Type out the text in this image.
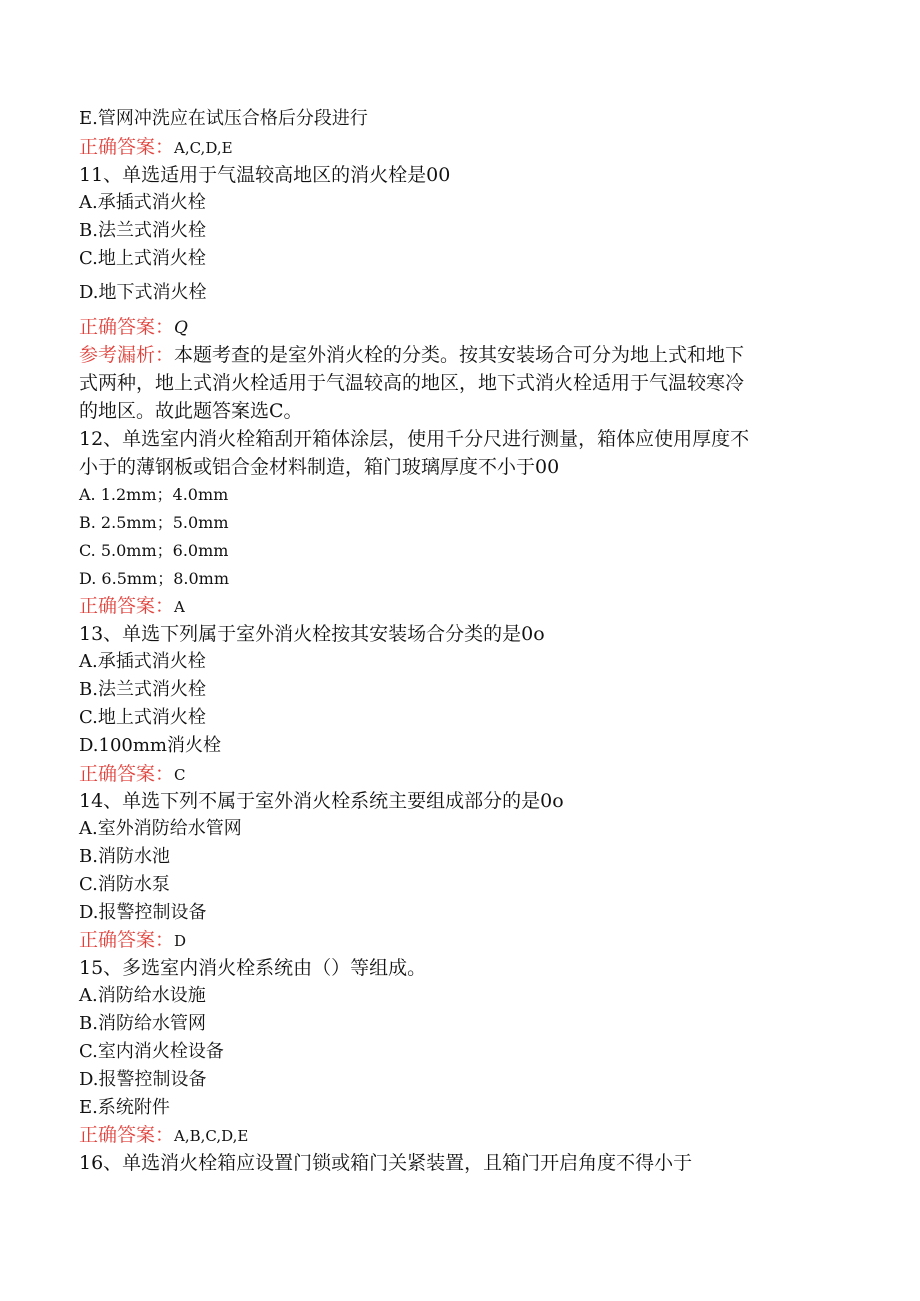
E.管网冲洗应在试压合格后分段进行
正确答案：A,C,D,E
11、单选适用于气温较高地区的消火栓是00
A.承插式消火栓
B.法兰式消火栓
C.地上式消火栓
D.地下式消火栓
正确答案：Q
参考漏析：本题考查的是室外消火栓的分类。按其安装场合可分为地上式和地下
式两种，地上式消火栓适用于气温较高的地区，地下式消火栓适用于气温较寒冷
的地区。故此题答案选C。
12、单选室内消火栓箱刮开箱体涂层，使用千分尺进行测量，箱体应使用厚度不
小于的薄钢板或铝合金材料制造，箱门玻璃厚度不小于00
A. 1.2mm；4.0mm
B. 2.5mm；5.0mm
C. 5.0mm；6.0mm
D. 6.5mm；8.0mm
正确答案：A
13、单选下列属于室外消火栓按其安装场合分类的是0o
A.承插式消火栓
B.法兰式消火栓
C.地上式消火栓
D.100mm消火栓
正确答案：C
14、单选下列不属于室外消火栓系统主要组成部分的是0o
A.室外消防给水管网
B.消防水池
C.消防水泵
D.报警控制设备
正确答案：D
15、多选室内消火栓系统由（）等组成。
A.消防给水设施
B.消防给水管网
C.室内消火栓设备
D.报警控制设备
E.系统附件
正确答案：A,B,C,D,E
16、单选消火栓箱应设置门锁或箱门关紧装置，且箱门开启角度不得小于
